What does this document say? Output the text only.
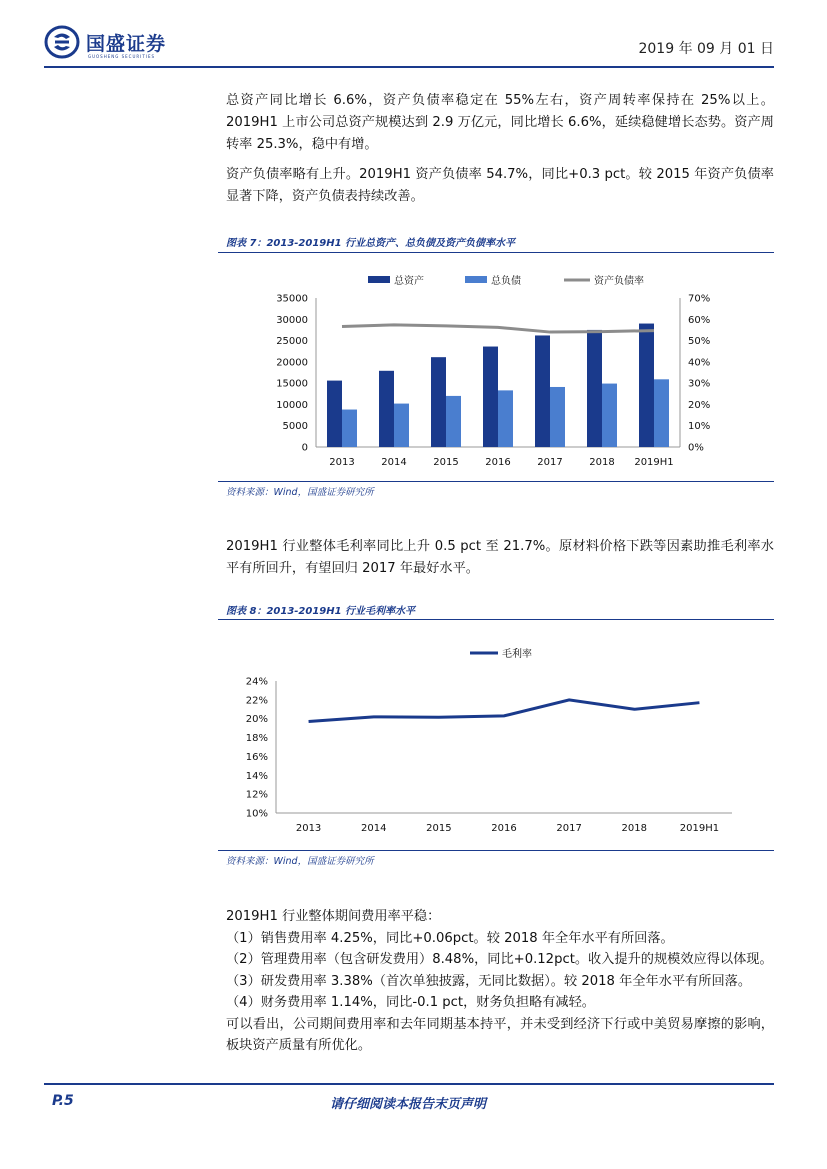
国盛证券
GUOSHENG SECURITIES	2019 年 09 月 01 日

总资产同比增长 6.6%，资产负债率稳定在 55%左右，资产周转率保持在 25%以上。2019H1 上市公司总资产规模达到 2.9 万亿元，同比增长 6.6%，延续稳健增长态势。资产周转率 25.3%，稳中有增。

资产负债率略有上升。2019H1 资产负债率 54.7%，同比+0.3 pct。较 2015 年资产负债率显著下降，资产负债表持续改善。

图表 7：2013-2019H1 行业总资产、总负债及资产负债率水平
0
5000
10000
15000
20000
25000
30000
35000
0%
10%
20%
30%
40%
50%
60%
70%
2013	2014	2015	2016	2017	2018 2019H1
总资产	总负债	资产负债率
资料来源：Wind，国盛证券研究所

2019H1 行业整体毛利率同比上升 0.5 pct 至 21.7%。原材料价格下跌等因素助推毛利率水平有所回升，有望回归 2017 年最好水平。

图表 8：2013-2019H1 行业毛利率水平
10%
12%
14%
16%
18%
20%
22%
24%
2013	2014	2015	2016	2017	2018	2019H1
毛利率
资料来源：Wind，国盛证券研究所
2019H1 行业整体期间费用率平稳：
（1）销售费用率 4.25%，同比+0.06pct。较 2018 年全年水平有所回落。
（2）管理费用率（包含研发费用）8.48%，同比+0.12pct。收入提升的规模效应得以体现。
（3）研发费用率 3.38%（首次单独披露，无同比数据）。较 2018 年全年水平有所回落。
（4）财务费用率 1.14%，同比-0.1 pct，财务负担略有减轻。
可以看出，公司期间费用率和去年同期基本持平，并未受到经济下行或中美贸易摩擦的影响，板块资产质量有所优化。
P.5	请仔细阅读本报告末页声明
